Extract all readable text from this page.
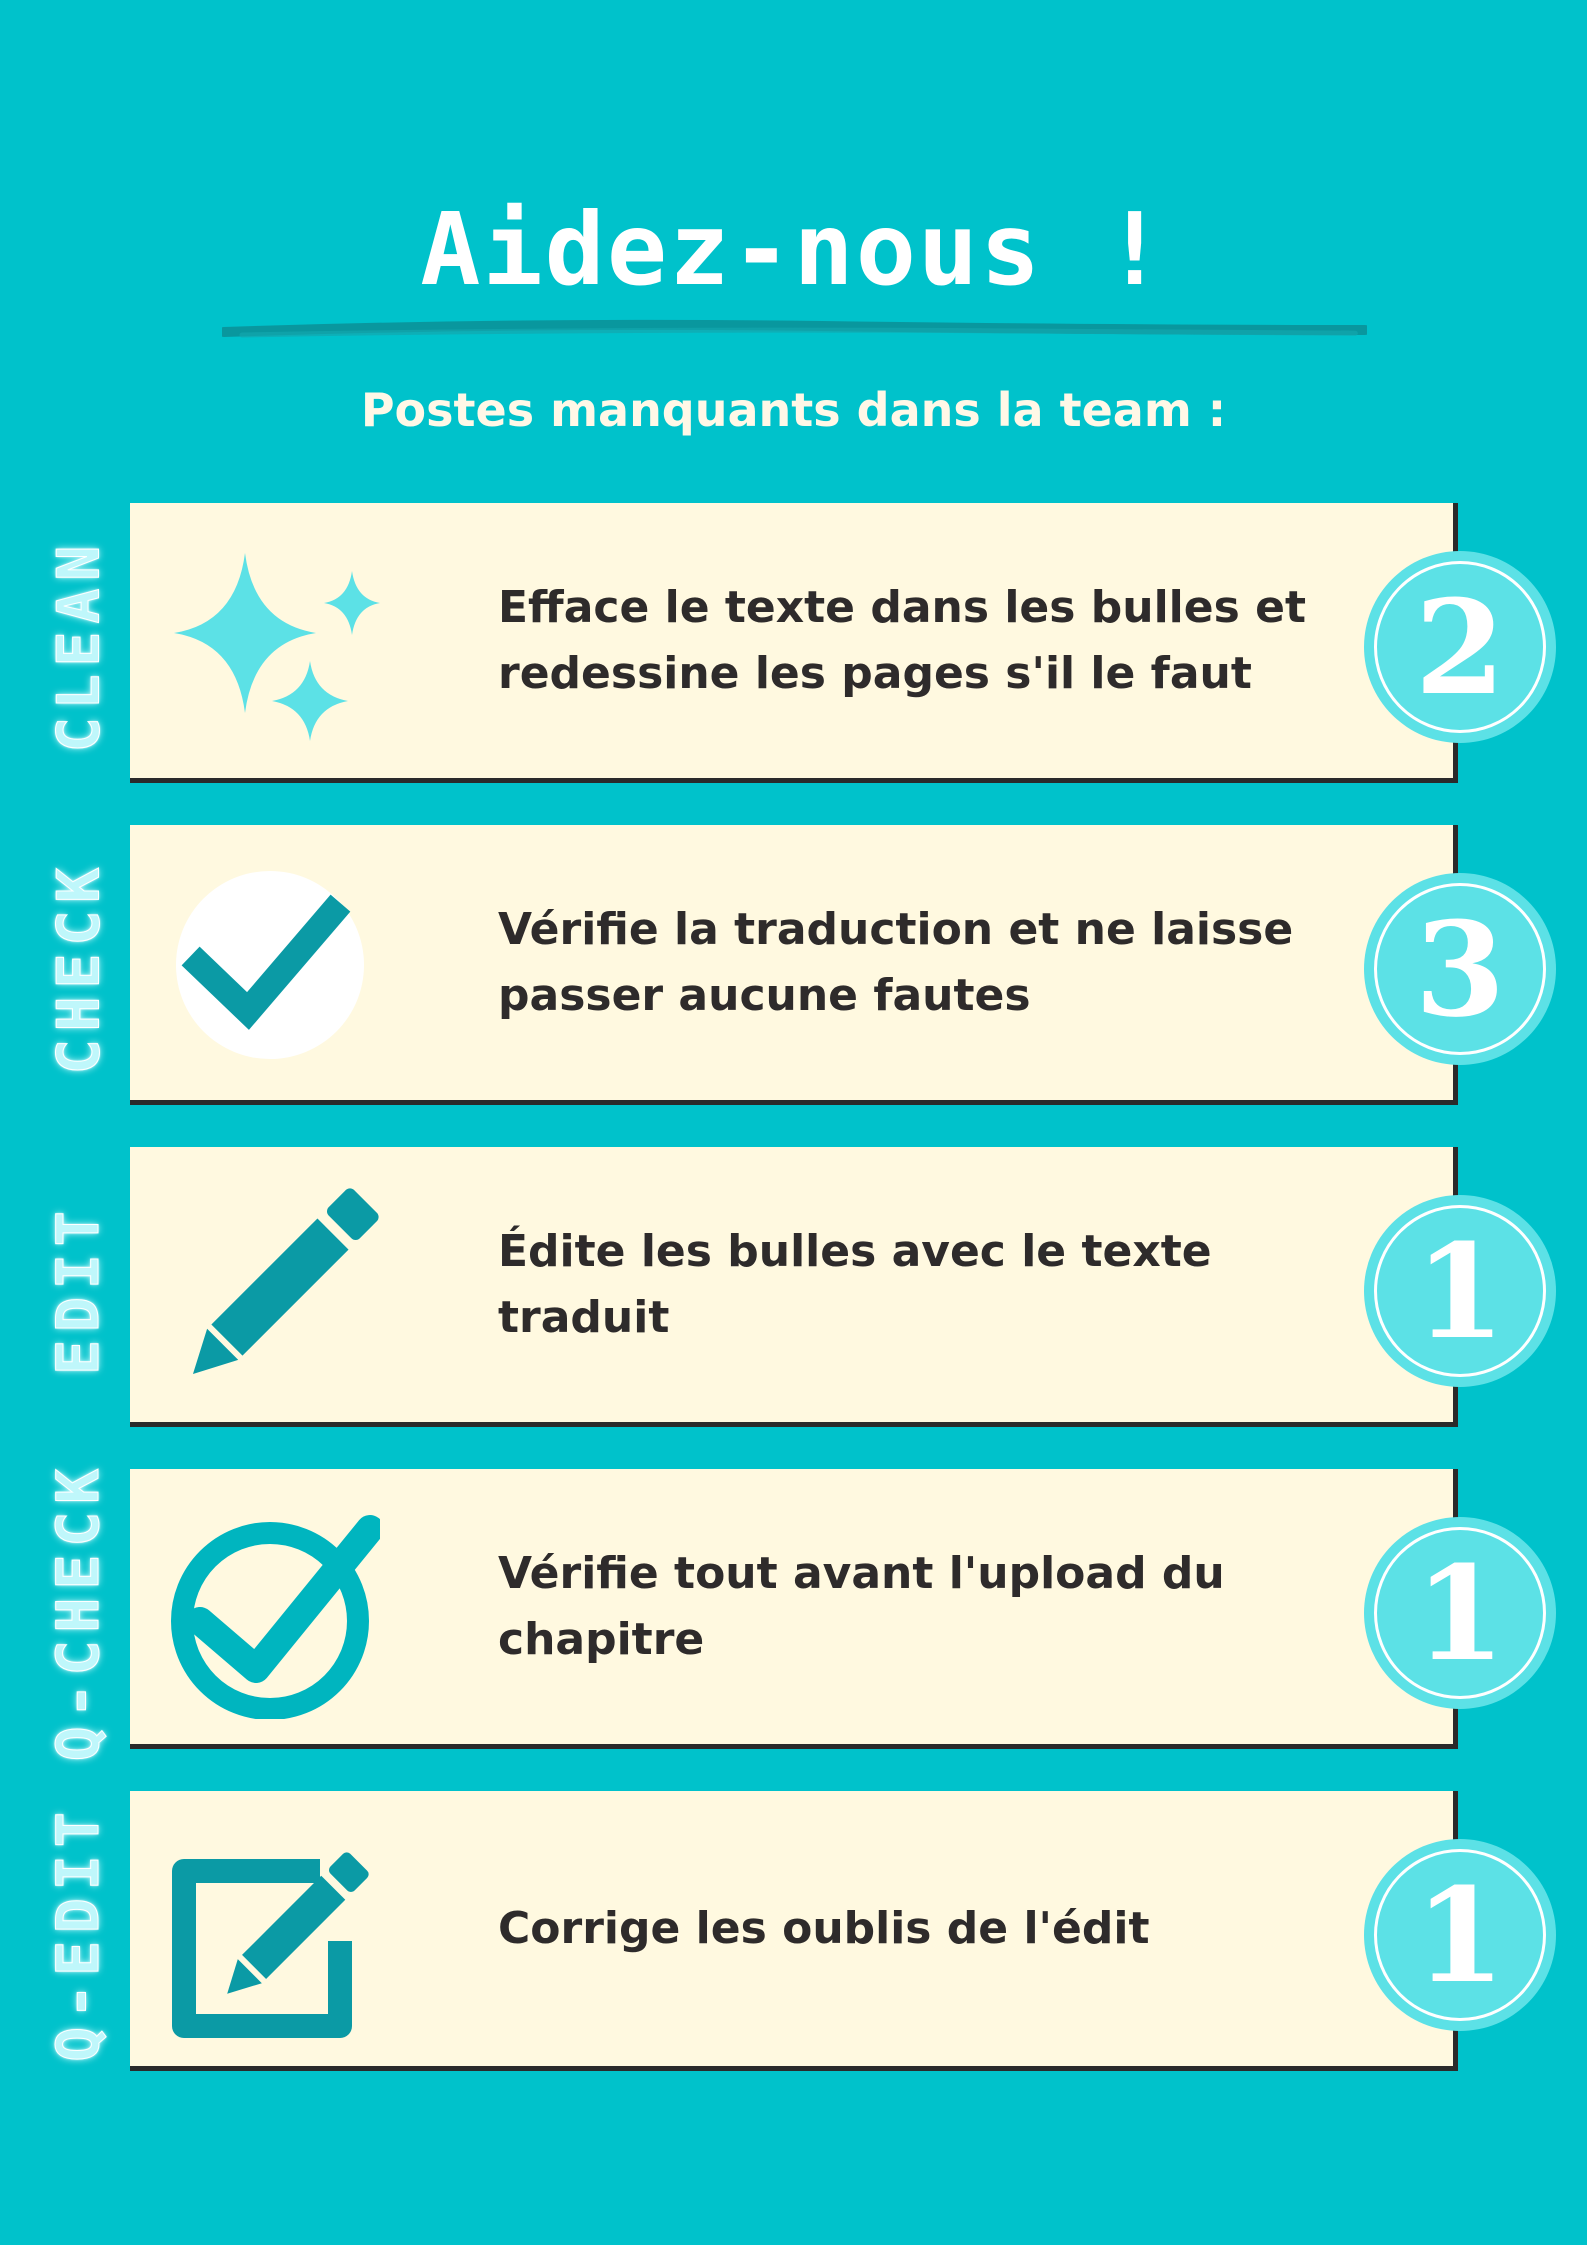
Aidez-nous !
Postes manquants dans la team :
CLEAN	Efface le texte dans les bulles et redessine les pages s'il le faut	2
CHECK	Vérifie la traduction et ne laisse passer aucune fautes	3
EDIT	Édite les bulles avec le texte traduit	1
Q-CHECK	Vérifie tout avant l'upload du chapitre	1
Q-EDIT	Corrige les oublis de l'édit	1
